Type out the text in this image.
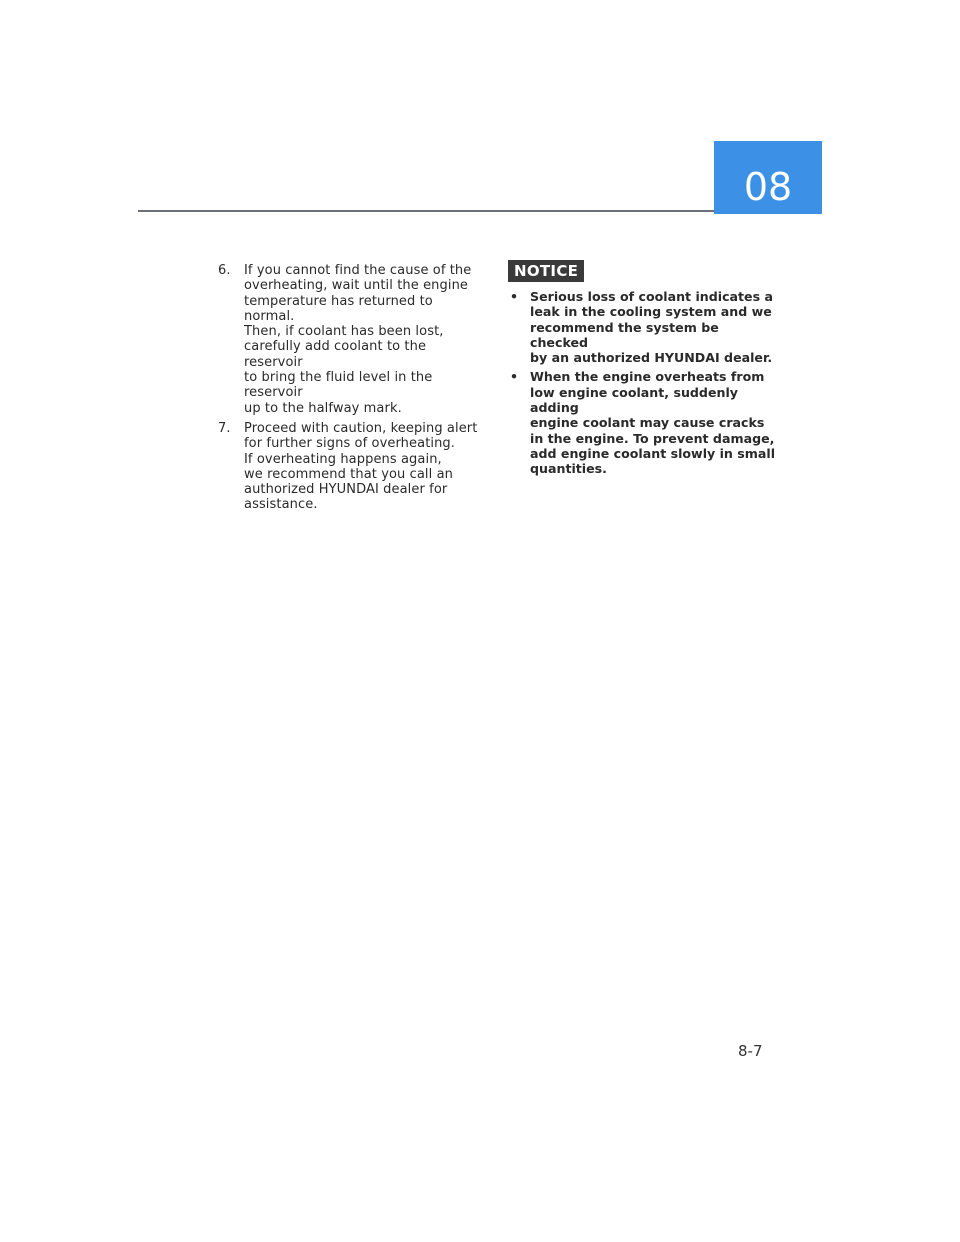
08
6. If you cannot find the cause of the
overheating, wait until the engine
temperature has returned to normal.
Then, if coolant has been lost,
carefully add coolant to the reservoir
to bring the fluid level in the reservoir
up to the halfway mark.
7. Proceed with caution, keeping alert
for further signs of overheating.
If overheating happens again,
we recommend that you call an
authorized HYUNDAI dealer for
assistance.
NOTICE
• Serious loss of coolant indicates a
leak in the cooling system and we
recommend the system be checked
by an authorized HYUNDAI dealer.
• When the engine overheats from
low engine coolant, suddenly adding
engine coolant may cause cracks
in the engine. To prevent damage,
add engine coolant slowly in small
quantities.
8-7
